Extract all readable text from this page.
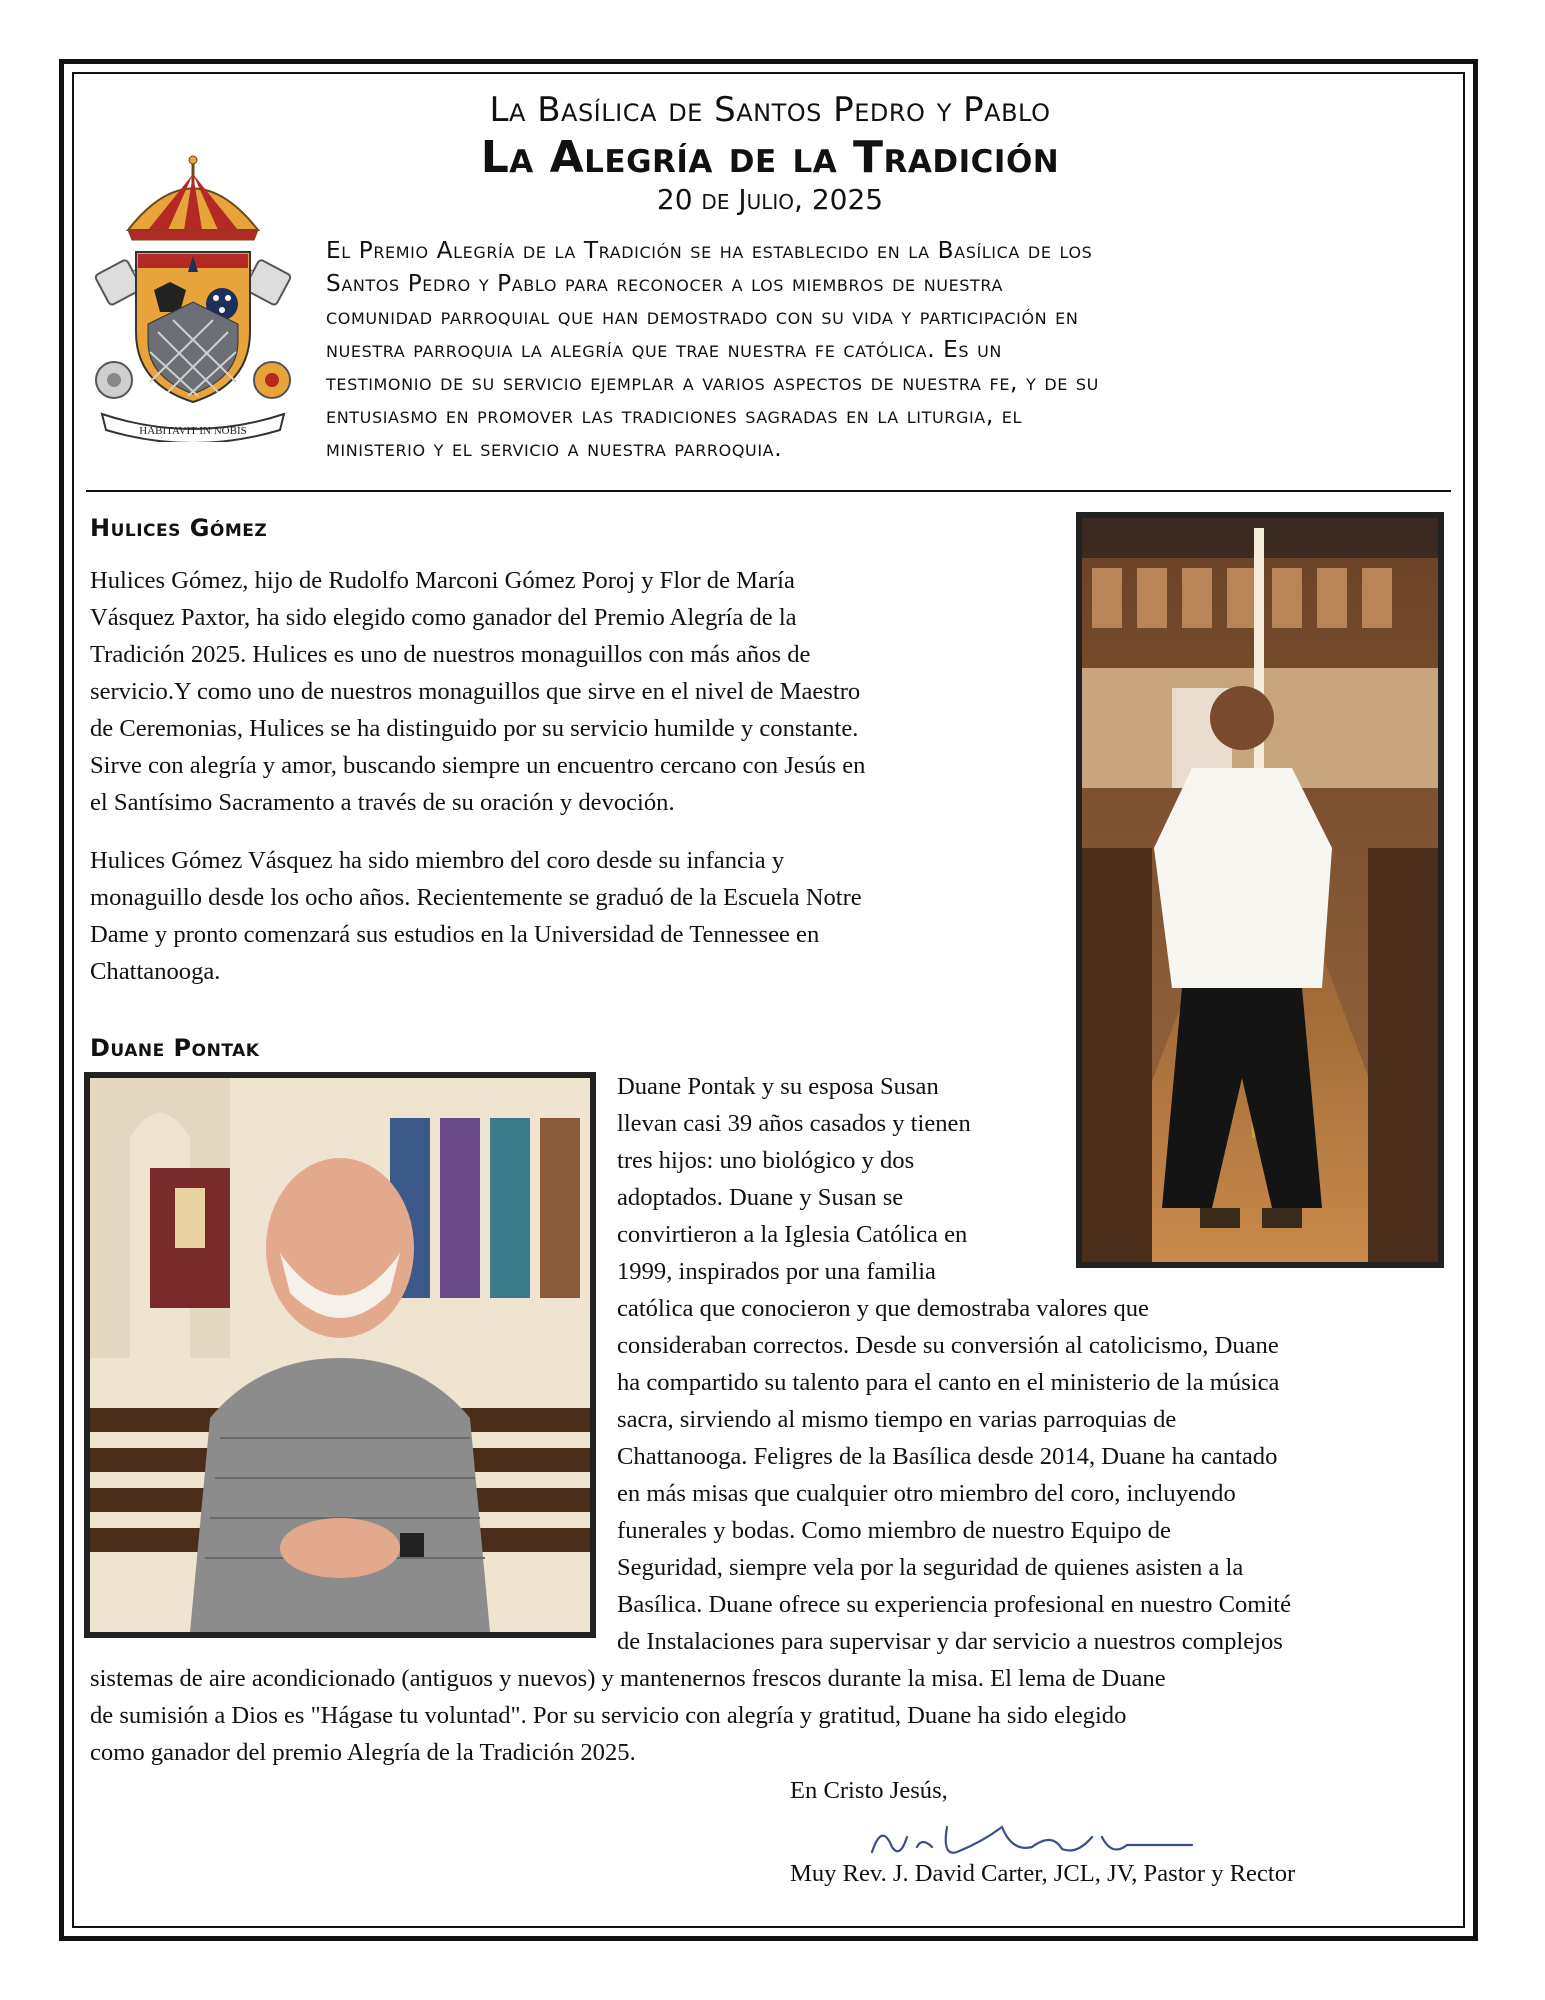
HABITAVIT IN NOBIS
La Basílica de Santos Pedro y Pablo
La Alegría de la Tradición
20 de Julio, 2025
El Premio Alegría de la Tradición se ha establecido en la Basílica de los
Santos Pedro y Pablo para reconocer a los miembros de nuestra
comunidad parroquial que han demostrado con su vida y participación en
nuestra parroquia la alegría que trae nuestra fe católica. Es un
testimonio de su servicio ejemplar a varios aspectos de nuestra fe, y de su
entusiasmo en promover las tradiciones sagradas en la liturgia, el
ministerio y el servicio a nuestra parroquia.
Hulices Gómez
Hulices Gómez, hijo de Rudolfo Marconi Gómez Poroj y Flor de María
Vásquez Paxtor, ha sido elegido como ganador del Premio Alegría de la
Tradición 2025. Hulices es uno de nuestros monaguillos con más años de
servicio.Y como uno de nuestros monaguillos que sirve en el nivel de Maestro
de Ceremonias, Hulices se ha distinguido por su servicio humilde y constante.
Sirve con alegría y amor, buscando siempre un encuentro cercano con Jesús en
el Santísimo Sacramento a través de su oración y devoción.
Hulices Gómez Vásquez ha sido miembro del coro desde su infancia y
monaguillo desde los ocho años. Recientemente se graduó de la Escuela Notre
Dame y pronto comenzará sus estudios en la Universidad de Tennessee en
Chattanooga.
Duane Pontak
Duane Pontak y su esposa Susan
llevan casi 39 años casados y tienen
tres hijos: uno biológico y dos
adoptados. Duane y Susan se
convirtieron a la Iglesia Católica en
1999, inspirados por una familia
católica que conocieron y que demostraba valores que
consideraban correctos. Desde su conversión al catolicismo, Duane
ha compartido su talento para el canto en el ministerio de la música
sacra, sirviendo al mismo tiempo en varias parroquias de
Chattanooga. Feligres de la Basílica desde 2014, Duane ha cantado
en más misas que cualquier otro miembro del coro, incluyendo
funerales y bodas. Como miembro de nuestro Equipo de
Seguridad, siempre vela por la seguridad de quienes asisten a la
Basílica. Duane ofrece su experiencia profesional en nuestro Comité
de Instalaciones para supervisar y dar servicio a nuestros complejos
sistemas de aire acondicionado (antiguos y nuevos) y mantenernos frescos durante la misa. El lema de Duane
de sumisión a Dios es "Hágase tu voluntad". Por su servicio con alegría y gratitud, Duane ha sido elegido
como ganador del premio Alegría de la Tradición 2025.
En Cristo Jesús,
Muy Rev. J. David Carter, JCL, JV, Pastor y Rector
